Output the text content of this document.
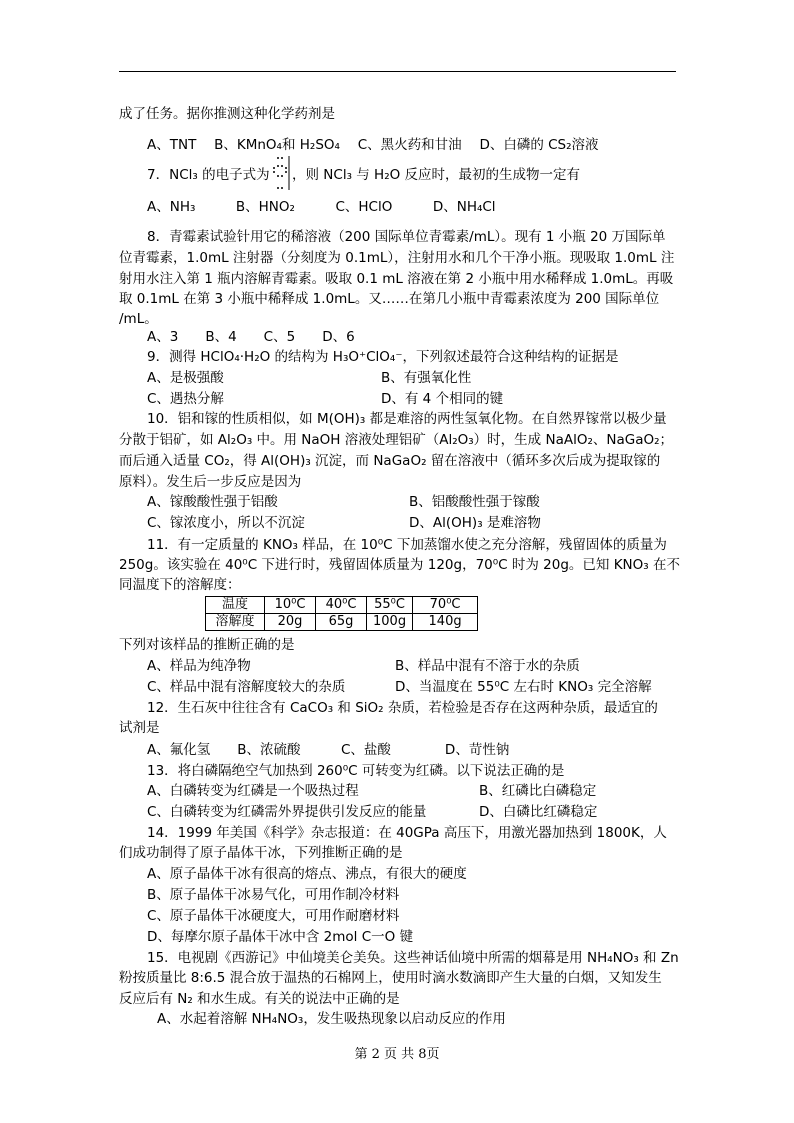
成了任务。据你推测这种化学药剂是
A、TNT　 B、KMnO₄和 H₂SO₄　 C、黑火药和甘油　 D、白磷的 CS₂溶液
7．NCl₃ 的电子式为 ，则 NCl₃ 与 H₂O 反应时，最初的生成物一定有
A、NH₃　　　B、HNO₂　　　C、HClO　　　D、NH₄Cl
8．青霉素试验针用它的稀溶液（200 国际单位青霉素/mL）。现有 1 小瓶 20 万国际单
位青霉素，1.0mL 注射器（分刻度为 0.1mL），注射用水和几个干净小瓶。现吸取 1.0mL 注
射用水注入第 1 瓶内溶解青霉素。吸取 0.1 mL 溶液在第 2 小瓶中用水稀释成 1.0mL。再吸
取 0.1mL 在第 3 小瓶中稀释成 1.0mL。又……在第几小瓶中青霉素浓度为 200 国际单位
/mL。
A、3　　B、4　　C、5　　D、6
9．测得 HClO₄·H₂O 的结构为 H₃O⁺ClO₄⁻，下列叙述最符合这种结构的证据是
A、是极强酸	B、有强氧化性
C、遇热分解	D、有 4 个相同的键
10．铝和镓的性质相似，如 M(OH)₃ 都是难溶的两性氢氧化物。在自然界镓常以极少量
分散于铝矿，如 Al₂O₃ 中。用 NaOH 溶液处理铝矿（Al₂O₃）时，生成 NaAlO₂、NaGaO₂；
而后通入适量 CO₂，得 Al(OH)₃ 沉淀，而 NaGaO₂ 留在溶液中（循环多次后成为提取镓的
原料）。发生后一步反应是因为
A、镓酸酸性强于铝酸	B、铝酸酸性强于镓酸
C、镓浓度小，所以不沉淀	D、Al(OH)₃ 是难溶物
11．有一定质量的 KNO₃ 样品，在 10⁰C 下加蒸馏水使之充分溶解，残留固体的质量为
250g。该实验在 40⁰C 下进行时，残留固体质量为 120g，70⁰C 时为 20g。已知 KNO₃ 在不
同温度下的溶解度：
温度	10⁰C	40⁰C	55⁰C	70⁰C
溶解度	20g	65g	100g	140g
下列对该样品的推断正确的是
A、样品为纯净物	B、样品中混有不溶于水的杂质
C、样品中混有溶解度较大的杂质	D、当温度在 55⁰C 左右时 KNO₃ 完全溶解
12．生石灰中往往含有 CaCO₃ 和 SiO₂ 杂质，若检验是否存在这两种杂质，最适宜的
试剂是
A、氟化氢　　B、浓硫酸　　　C、盐酸　　　　D、苛性钠
13．将白磷隔绝空气加热到 260⁰C 可转变为红磷。以下说法正确的是
A、白磷转变为红磷是一个吸热过程	B、红磷比白磷稳定
C、白磷转变为红磷需外界提供引发反应的能量	D、白磷比红磷稳定
14．1999 年美国《科学》杂志报道：在 40GPa 高压下，用激光器加热到 1800K，人
们成功制得了原子晶体干冰，下列推断正确的是
A、原子晶体干冰有很高的熔点、沸点，有很大的硬度
B、原子晶体干冰易气化，可用作制冷材料
C、原子晶体干冰硬度大，可用作耐磨材料
D、每摩尔原子晶体干冰中含 2mol C一O 键
15．电视剧《西游记》中仙境美仑美奂。这些神话仙境中所需的烟幕是用 NH₄NO₃ 和 Zn
粉按质量比 8:6.5 混合放于温热的石棉网上，使用时滴水数滴即产生大量的白烟，又知发生
反应后有 N₂ 和水生成。有关的说法中正确的是
A、水起着溶解 NH₄NO₃，发生吸热现象以启动反应的作用
第 2 页 共 8页
